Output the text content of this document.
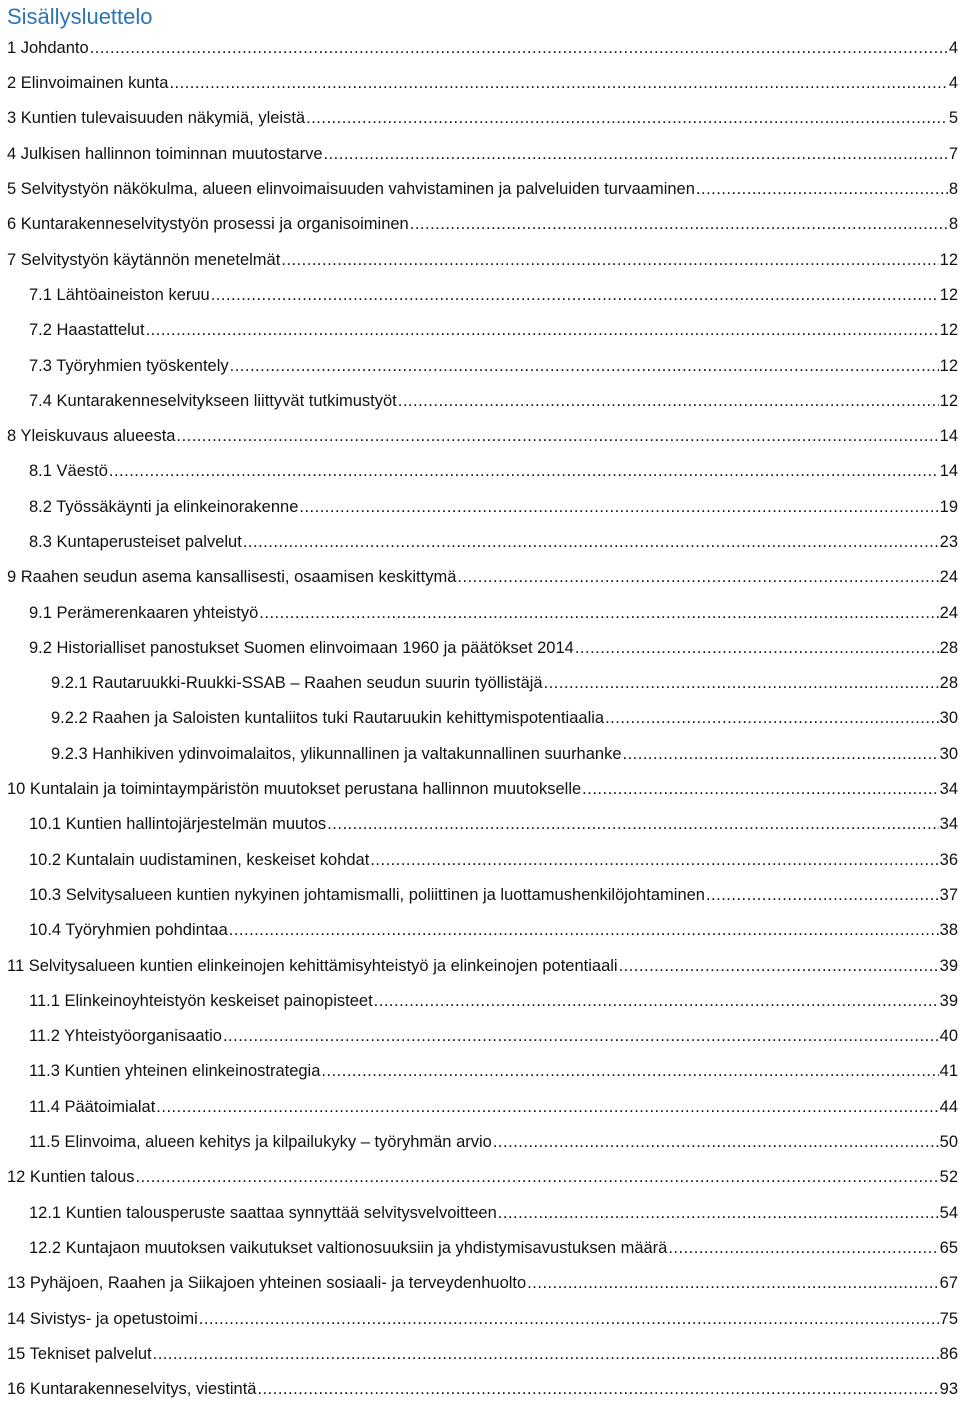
Sisällysluettelo
1 Johdanto .....	4
2 Elinvoimainen kunta .....	4
3 Kuntien tulevaisuuden näkymiä, yleistä .....	5
4 Julkisen hallinnon toiminnan muutostarve .....	7
5 Selvitystyön näkökulma, alueen elinvoimaisuuden vahvistaminen ja palveluiden turvaaminen .....	8
6 Kuntarakenneselvitystyön prosessi ja organisoiminen .....	8
7 Selvitystyön käytännön menetelmät .....	12
7.1 Lähtöaineiston keruu .....	12
7.2 Haastattelut .....	12
7.3 Työryhmien työskentely .....	12
7.4 Kuntarakenneselvitykseen liittyvät tutkimustyöt .....	12
8 Yleiskuvaus alueesta .....	14
8.1 Väestö .....	14
8.2 Työssäkäynti ja elinkeinorakenne .....	19
8.3 Kuntaperusteiset palvelut .....	23
9 Raahen seudun asema kansallisesti, osaamisen keskittymä .....	24
9.1 Perämerenkaaren yhteistyö .....	24
9.2 Historialliset panostukset Suomen elinvoimaan 1960 ja päätökset 2014 .....	28
9.2.1 Rautaruukki-Ruukki-SSAB – Raahen seudun suurin työllistäjä .....	28
9.2.2 Raahen ja Saloisten kuntaliitos tuki Rautaruukin kehittymispotentiaalia .....	30
9.2.3 Hanhikiven ydinvoimalaitos, ylikunnallinen ja valtakunnallinen suurhanke .....	30
10 Kuntalain ja toimintaympäristön muutokset perustana hallinnon muutokselle .....	34
10.1 Kuntien hallintojärjestelmän muutos .....	34
10.2 Kuntalain uudistaminen, keskeiset kohdat .....	36
10.3 Selvitysalueen kuntien nykyinen johtamismalli, poliittinen ja luottamushenkilöjohtaminen .....	37
10.4 Työryhmien pohdintaa .....	38
11 Selvitysalueen kuntien elinkeinojen kehittämisyhteistyö ja elinkeinojen potentiaali .....	39
11.1 Elinkeinoyhteistyön keskeiset painopisteet .....	39
11.2 Yhteistyöorganisaatio .....	40
11.3 Kuntien yhteinen elinkeinostrategia .....	41
11.4 Päätoimialat .....	44
11.5 Elinvoima, alueen kehitys ja kilpailukyky – työryhmän arvio .....	50
12 Kuntien talous .....	52
12.1 Kuntien talousperuste saattaa synnyttää selvitysvelvoitteen .....	54
12.2 Kuntajaon muutoksen vaikutukset valtionosuuksiin ja yhdistymisavustuksen määrä .....	65
13 Pyhäjoen, Raahen ja Siikajoen yhteinen sosiaali- ja terveydenhuolto .....	67
14 Sivistys- ja opetustoimi .....	75
15 Tekniset palvelut .....	86
16 Kuntarakenneselvitys, viestintä .....	93
